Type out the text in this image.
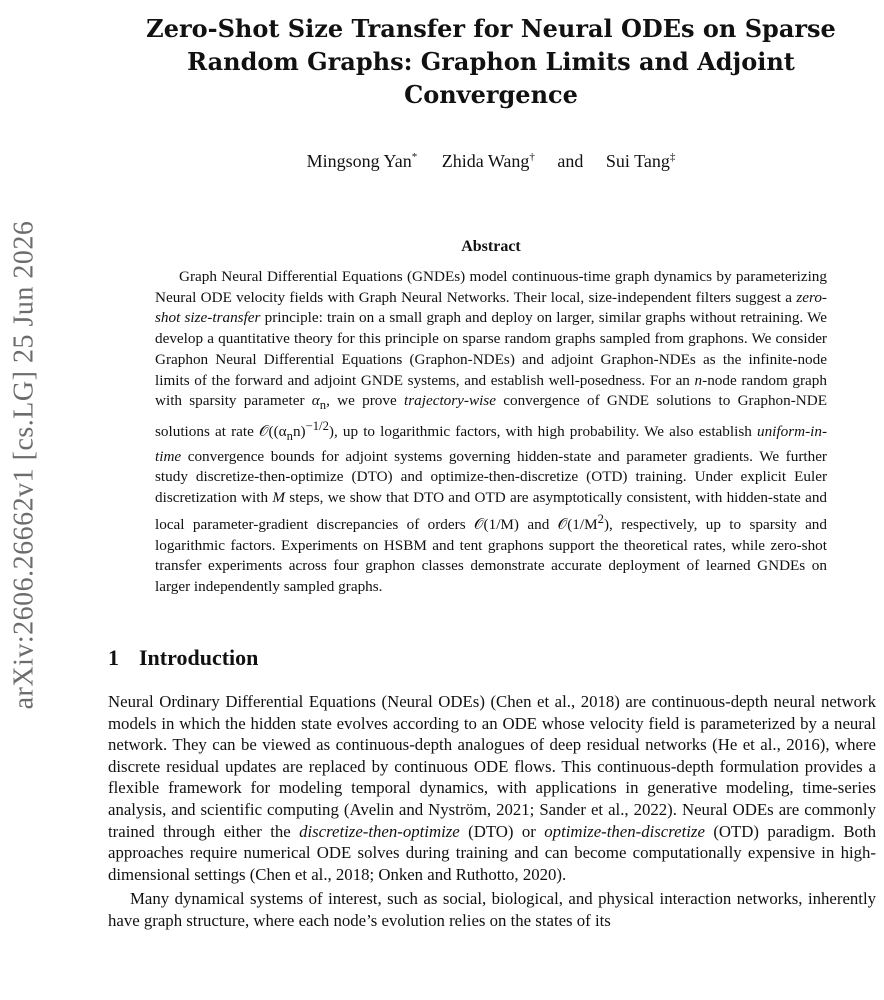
arXiv:2606.26662v1 [cs.LG] 25 Jun 2026
Zero-Shot Size Transfer for Neural ODEs on Sparse Random Graphs: Graphon Limits and Adjoint Convergence
Mingsong Yan* Zhida Wang† and Sui Tang‡
Abstract

Graph Neural Differential Equations (GNDEs) model continuous-time graph dynamics by parameterizing Neural ODE velocity fields with Graph Neural Networks. Their local, size-independent filters suggest a zero-shot size-transfer principle: train on a small graph and deploy on larger, similar graphs without retraining. We develop a quantitative theory for this principle on sparse random graphs sampled from graphons. We consider Graphon Neural Differential Equations (Graphon-NDEs) and adjoint Graphon-NDEs as the infinite-node limits of the forward and adjoint GNDE systems, and establish well-posedness. For an n-node random graph with sparsity parameter $\alpha_n$, we prove trajectory-wise convergence of GNDE solutions to Graphon-NDE solutions at rate $𝒪((\alpha_nn)^{-1/2})$, up to logarithmic factors, with high probability. We also establish uniform-in-time convergence bounds for adjoint systems governing hidden-state and parameter gradients. We further study discretize-then-optimize (DTO) and optimize-then-discretize (OTD) training. Under explicit Euler discretization with M steps, we show that DTO and OTD are asymptotically consistent, with hidden-state and local parameter-gradient discrepancies of orders 𝒪(1/M) and $𝒪(1/M^2)$, respectively, up to sparsity and logarithmic factors. Experiments on HSBM and tent graphons support the theoretical rates, while zero-shot transfer experiments across four graphon classes demonstrate accurate deployment of learned GNDEs on larger independently sampled graphs.

1 Introduction

Neural Ordinary Differential Equations (Neural ODEs) (Chen et al., 2018) are continuous-depth neural network models in which the hidden state evolves according to an ODE whose velocity field is parameterized by a neural network. They can be viewed as continuous-depth analogues of deep residual networks (He et al., 2016), where discrete residual updates are replaced by continuous ODE flows. This continuous-depth formulation provides a flexible framework for modeling temporal dynamics, with applications in generative modeling, time-series analysis, and scientific computing (Avelin and Nyström, 2021; Sander et al., 2022). Neural ODEs are commonly trained through either the discretize-then-optimize (DTO) or optimize-then-discretize (OTD) paradigm. Both approaches require numerical ODE solves during training and can become computationally expensive in high-dimensional settings (Chen et al., 2018; Onken and Ruthotto, 2020).

Many dynamical systems of interest, such as social, biological, and physical interaction networks, inherently have graph structure, where each node’s evolution relies on the states of its
